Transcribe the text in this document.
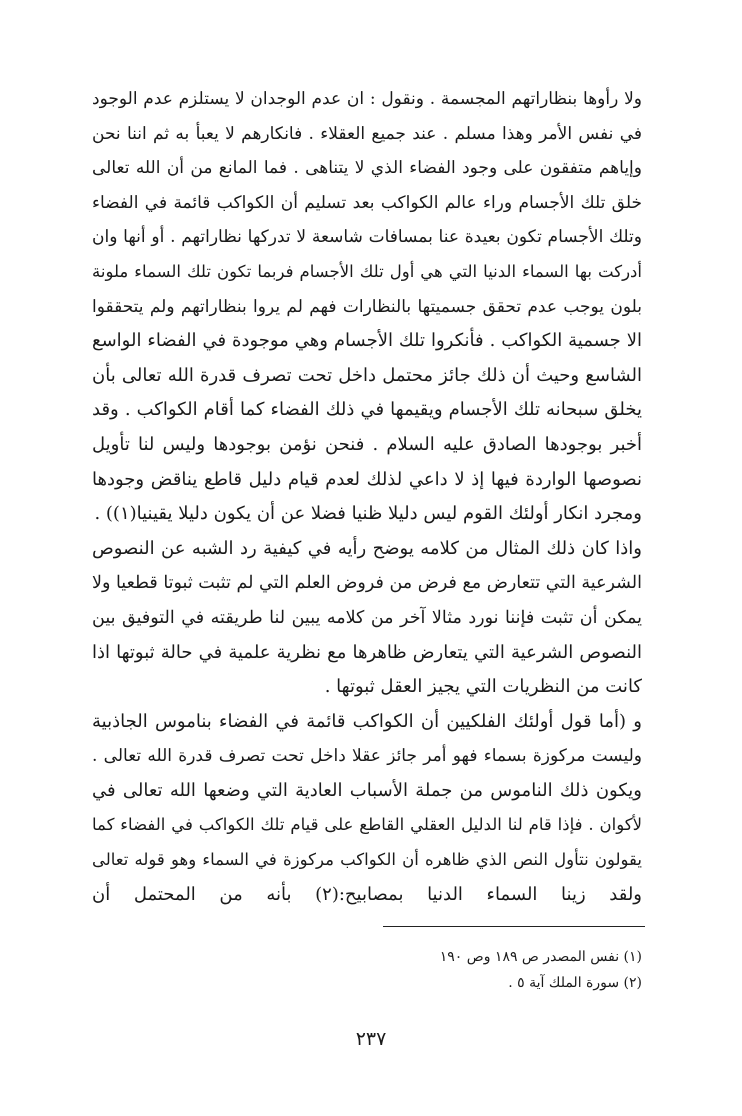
ولا رأوها بنظاراتهم المجسمة . ونقول : ان عدم الوجدان لا يستلزم عدم الوجود
في نفس الأمر وهذا مسلم . عند جميع العقلاء . فانكارهم لا يعبأ به ثم اننا نحن
وإياهم متفقون على وجود الفضاء الذي لا يتناهى . فما المانع من أن الله تعالى
خلق تلك الأجسام وراء عالم الكواكب بعد تسليم أن الكواكب قائمة في الفضاء
وتلك الأجسام تكون بعيدة عنا بمسافات شاسعة لا تدركها نظاراتهم . أو أنها وان
أدركت بها السماء الدنيا التي هي أول تلك الأجسام فربما تكون تلك السماء ملونة
بلون يوجب عدم تحقق جسميتها بالنظارات فهم لم يروا بنظاراتهم ولم يتحققوا
الا جسمية الكواكب . فأنكروا تلك الأجسام وهي موجودة في الفضاء الواسع
الشاسع وحيث أن ذلك جائز محتمل داخل تحت تصرف قدرة الله تعالى بأن
يخلق سبحانه تلك الأجسام ويقيمها في ذلك الفضاء كما أقام الكواكب . وقد
أخبر بوجودها الصادق عليه السلام . فنحن نؤمن بوجودها وليس لنا تأويل
نصوصها الواردة فيها إذ لا داعي لذلك لعدم قيام دليل قاطع يناقض وجودها
ومجرد انكار أولئك القوم ليس دليلا ظنيا فضلا عن أن يكون دليلا يقينيا(١)) .
واذا كان ذلك المثال من كلامه يوضح رأيه في كيفية رد الشبه عن النصوص
الشرعية التي تتعارض مع فرض من فروض العلم التي لم تثبت ثبوتا قطعيا ولا
يمكن أن تثبت فإننا نورد مثالا آخر من كلامه يبين لنا طريقته في التوفيق بين
النصوص الشرعية التي يتعارض ظاهرها مع نظرية علمية في حالة ثبوتها اذا
كانت من النظريات التي يجيز العقل ثبوتها .
و (أما قول أولئك الفلكيين أن الكواكب قائمة في الفضاء بناموس الجاذبية
وليست مركوزة بسماء فهو أمر جائز عقلا داخل تحت تصرف قدرة الله تعالى .
ويكون ذلك الناموس من جملة الأسباب العادية التي وضعها الله تعالى في
لأكوان . فإذا قام لنا الدليل العقلي القاطع على قيام تلك الكواكب في الفضاء كما
يقولون نتأول النص الذي ظاهره أن الكواكب مركوزة في السماء وهو قوله تعالى
ولقد زينا السماء الدنيا بمصابيح:(٢) بأنه من المحتمل أن
(١) نفس المصدر ص ١٨٩ وص ١٩٠
(٢) سورة الملك آية ٥ .
٢٣٧
